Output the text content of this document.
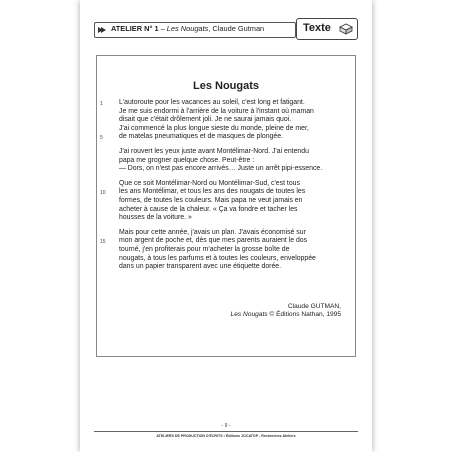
ATELIER N° 1 – Les Nougats, Claude Gutman	Texte
Les Nougats
1 L'autoroute pour les vacances au soleil, c'est long et fatigant.
Je me suis endormi à l'arrière de la voiture à l'instant où maman
disait que c'était drôlement joli. Je ne saurai jamais quoi.
J'ai commencé la plus longue sieste du monde, pleine de mer,
5 de matelas pneumatiques et de masques de plongée.
J'ai rouvert les yeux juste avant Montélimar-Nord. J'ai entendu
papa me grogner quelque chose. Peut-être :
— Dors, on n'est pas encore arrivés… Juste un arrêt pipi-essence.
Que ce soit Montélimar-Nord ou Montélimar-Sud, c'est tous
10 les ans Montélimar, et tous les ans des nougats de toutes les
formes, de toutes les couleurs. Mais papa ne veut jamais en
acheter à cause de la chaleur. « Ça va fondre et tacher les
housses de la voiture. »
Mais pour cette année, j'avais un plan. J'avais économisé sur
15 mon argent de poche et, dès que mes parents auraient le dos
tourné, j'en profiterais pour m'acheter la grosse boîte de
nougats, à tous les parfums et à toutes les couleurs, enveloppée
dans un papier transparent avec une étiquette dorée.
Claude GUTMAN,
Les Nougats © Éditions Nathan, 1995
- 9 -
ATELIERS DE PRODUCTION D'ÉCRITS • Éditions JOCATOP - Recherches Ateliers
